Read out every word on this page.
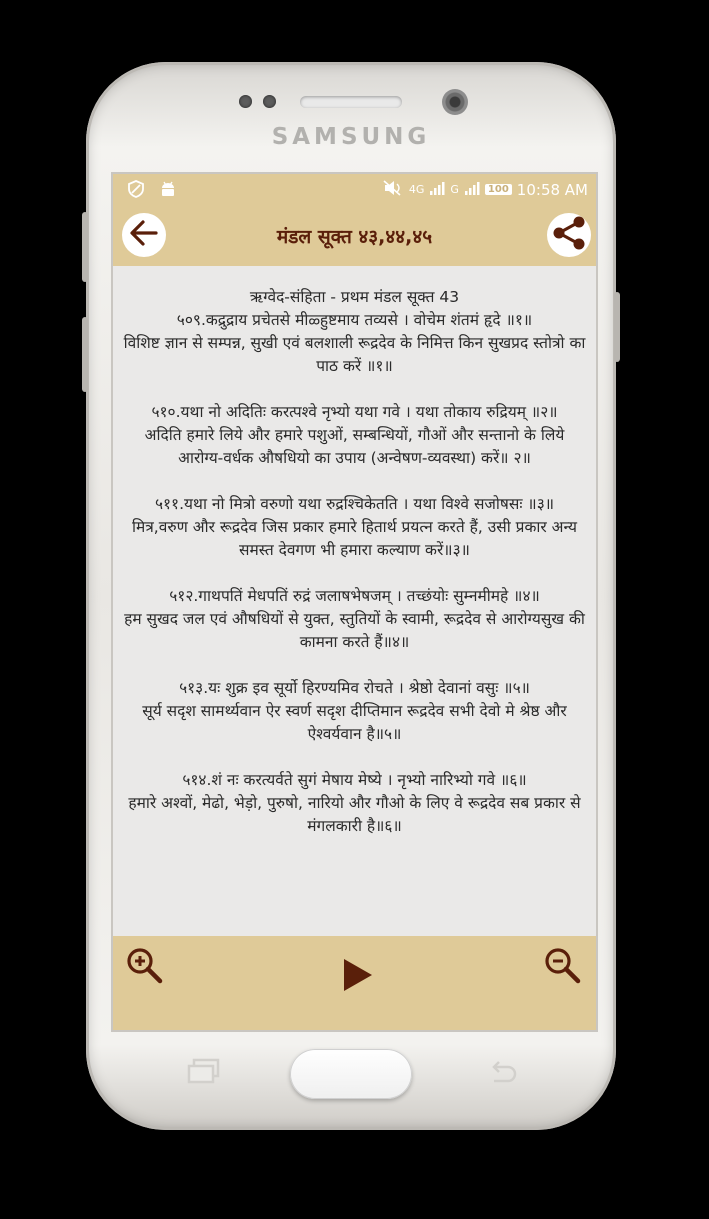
SAMSUNG
4G G	100 10:58 AM
मंडल सूक्त ४३,४४,४५

ऋग्वेद-संहिता - प्रथम मंडल सूक्त 43

५०९.कद्रुद्राय प्रचेतसे मीळ्हुष्टमाय तव्यसे । वोचेम शंतमं हृदे ॥१॥

विशिष्ट ज्ञान से सम्पन्न, सुखी एवं बलशाली रूद्रदेव के निमित्त किन सुखप्रद स्तोत्रो का पाठ करें ॥१॥

५१०.यथा नो अदितिः करत्पश्वे नृभ्यो यथा गवे । यथा तोकाय रुद्रियम् ॥२॥

अदिति हमारे लिये और हमारे पशुओं, सम्बन्धियों, गौओं और सन्तानो के लिये आरोग्य-वर्धक औषधियो का उपाय (अन्वेषण-व्यवस्था) करें॥ २॥

५११.यथा नो मित्रो वरुणो यथा रुद्रश्चिकेतति । यथा विश्वे सजोषसः ॥३॥

मित्र,वरुण और रूद्रदेव जिस प्रकार हमारे हितार्थ प्रयत्न करते हैं, उसी प्रकार अन्य समस्त देवगण भी हमारा कल्याण करें॥३॥

५१२.गाथपतिं मेधपतिं रुद्रं जलाषभेषजम् । तच्छंयोः सुम्नमीमहे ॥४॥

हम सुखद जल एवं औषधियों से युक्त, स्तुतियों के स्वामी, रूद्रदेव से आरोग्यसुख की कामना करते हैं॥४॥

५१३.यः शुक्र इव सूर्यो हिरण्यमिव रोचते । श्रेष्ठो देवानां वसुः ॥५॥

सूर्य सदृश सामर्थ्यवान ऐर स्वर्ण सदृश दीप्तिमान रूद्रदेव सभी देवो मे श्रेष्ठ और ऐश्वर्यवान है॥५॥

५१४.शं नः करत्यर्वते सुगं मेषाय मेष्ये । नृभ्यो नारिभ्यो गवे ॥६॥

हमारे अश्वों, मेढो, भेड़ो, पुरुषो, नारियो और गौओ के लिए वे रूद्रदेव सब प्रकार से मंगलकारी है॥६॥
